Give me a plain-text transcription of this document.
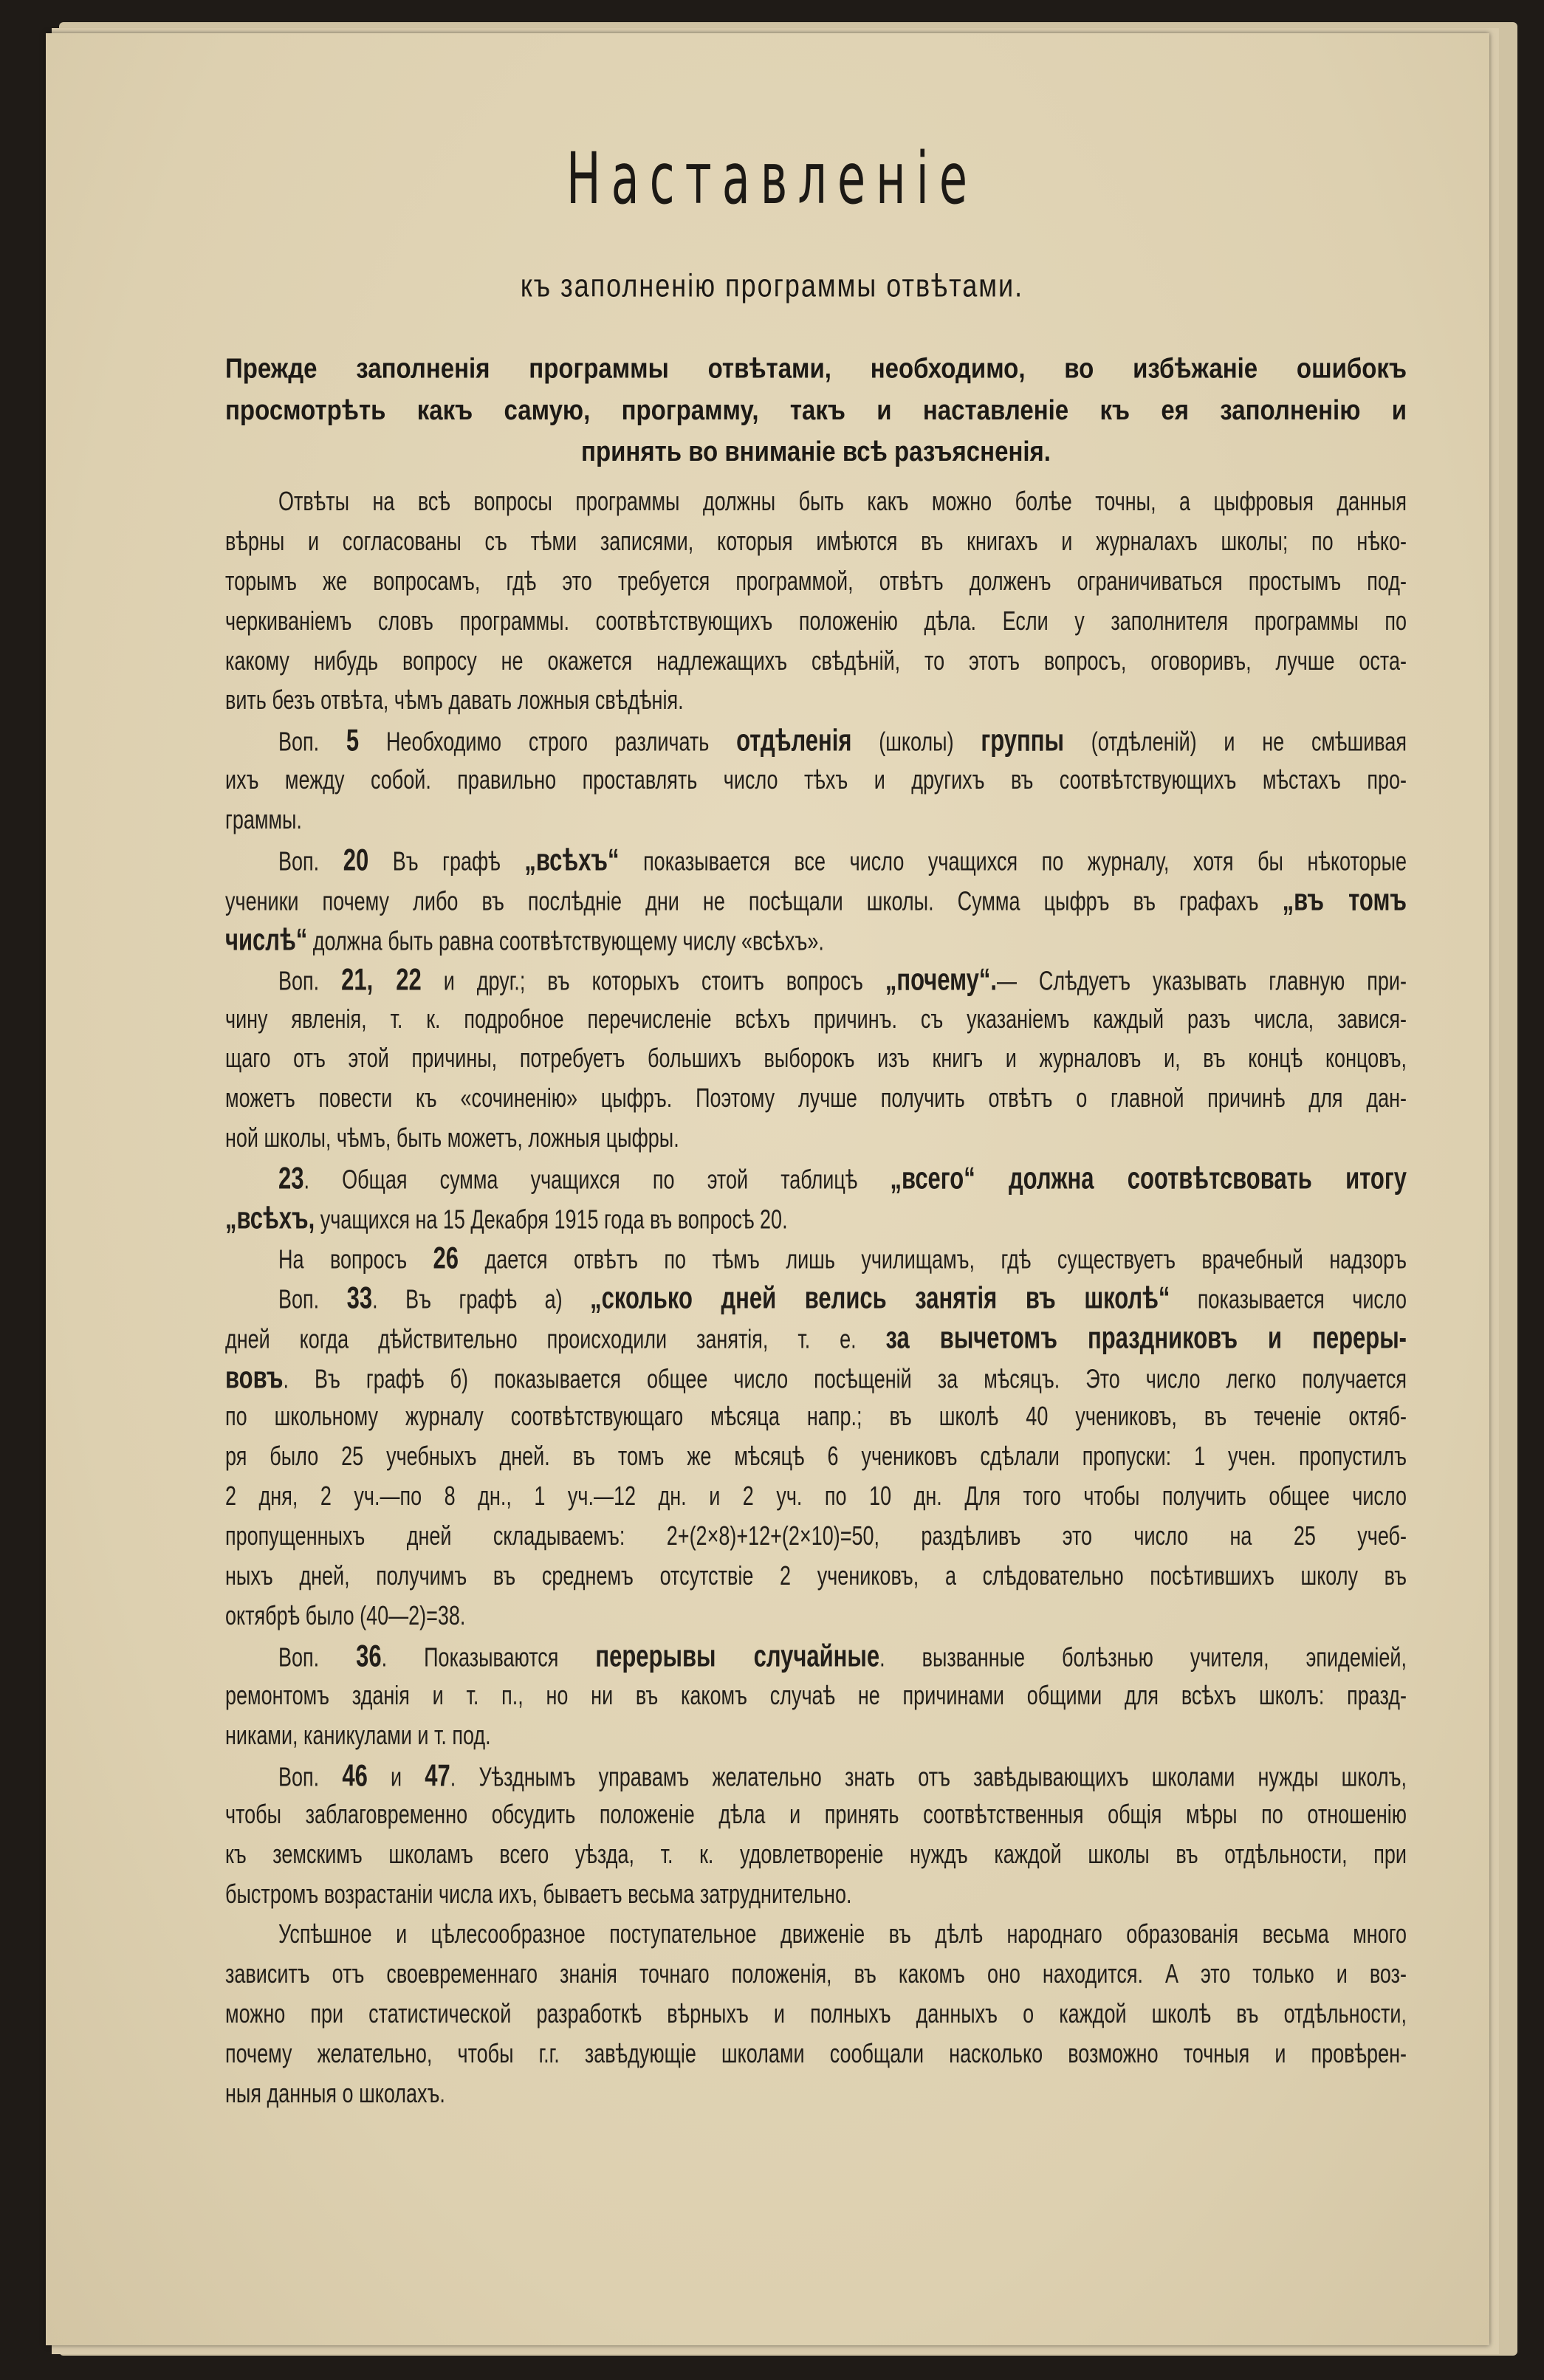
Наставленіе
къ заполненію программы отвѣтами.
Прежде заполненія программы отвѣтами, необходимо, во избѣжаніе ошибокъ
просмотрѣть какъ самую, программу, такъ и наставленіе къ ея заполненію и
принять во вниманіе всѣ разъясненія.
Отвѣты на всѣ вопросы программы должны быть какъ можно болѣе точны, а цыфровыя данныя
вѣрны и согласованы съ тѣми записями, которыя имѣются въ книгахъ и журналахъ школы; по нѣко-
торымъ же вопросамъ, гдѣ это требуется программой, отвѣтъ долженъ ограничиваться простымъ под-
черкиваніемъ словъ программы. соотвѣтствующихъ положенію дѣла. Если у заполнителя программы по
какому нибудь вопросу не окажется надлежащихъ свѣдѣній, то этотъ вопросъ, оговоривъ, лучше оста-
вить безъ отвѣта, чѣмъ давать ложныя свѣдѣнія.
Воп. 5 Необходимо строго различать отдѣленія (школы) группы (отдѣленій) и не смѣшивая
ихъ между собой. правильно проставлять число тѣхъ и другихъ въ соотвѣтствующихъ мѣстахъ про-
граммы.
Воп. 20 Въ графѣ „всѣхъ“ показывается все число учащихся по журналу, хотя бы нѣкоторые
ученики почему либо въ послѣдніе дни не посѣщали школы. Сумма цыфръ въ графахъ „въ томъ
числѣ“ должна быть равна соотвѣтствующему числу «всѣхъ».
Воп. 21, 22 и друг.; въ которыхъ стоитъ вопросъ „почему“.— Слѣдуетъ указывать главную при-
чину явленія, т. к. подробное перечисленіе всѣхъ причинъ. съ указаніемъ каждый разъ числа, завися-
щаго отъ этой причины, потребуетъ большихъ выборокъ изъ книгъ и журналовъ и, въ концѣ концовъ,
можетъ повести къ «сочиненію» цыфръ. Поэтому лучше получить отвѣтъ о главной причинѣ для дан-
ной школы, чѣмъ, быть можетъ, ложныя цыфры.
23. Общая сумма учащихся по этой таблицѣ „всего“ должна соотвѣтсвовать итогу
„всѣхъ, учащихся на 15 Декабря 1915 года въ вопросѣ 20.
На вопросъ 26 дается отвѣтъ по тѣмъ лишь училищамъ, гдѣ существуетъ врачебный надзоръ
Воп. 33. Въ графѣ а) „сколько дней велись занятія въ школѣ“ показывается число
дней когда дѣйствительно происходили занятія, т. е. за вычетомъ праздниковъ и переры-
вовъ. Въ графѣ б) показывается общее число посѣщеній за мѣсяцъ. Это число легко получается
по школьному журналу соотвѣтствующаго мѣсяца напр.; въ школѣ 40 учениковъ, въ теченіе октяб-
ря было 25 учебныхъ дней. въ томъ же мѣсяцѣ 6 учениковъ сдѣлали пропуски: 1 учен. пропустилъ
2 дня, 2 уч.—по 8 дн., 1 уч.—12 дн. и 2 уч. по 10 дн. Для того чтобы получить общее число
пропущенныхъ дней складываемъ: 2+(2×8)+12+(2×10)=50, раздѣливъ это число на 25 учеб-
ныхъ дней, получимъ въ среднемъ отсутствіе 2 учениковъ, а слѣдовательно посѣтившихъ школу въ
октябрѣ было (40—2)=38.
Воп. 36. Показываются перерывы случайные. вызванные болѣзнью учителя, эпидеміей,
ремонтомъ зданія и т. п., но ни въ какомъ случаѣ не причинами общими для всѣхъ школъ: празд-
никами, каникулами и т. под.
Воп. 46 и 47. Уѣзднымъ управамъ желательно знать отъ завѣдывающихъ школами нужды школъ,
чтобы заблаговременно обсудить положеніе дѣла и принять соотвѣтственныя общія мѣры по отношенію
къ земскимъ школамъ всего уѣзда, т. к. удовлетвореніе нуждъ каждой школы въ отдѣльности, при
быстромъ возрастаніи числа ихъ, бываетъ весьма затруднительно.
Успѣшное и цѣлесообразное поступательное движеніе въ дѣлѣ народнаго образованія весьма много
зависитъ отъ своевременнаго знанія точнаго положенія, въ какомъ оно находится. А это только и воз-
можно при статистической разработкѣ вѣрныхъ и полныхъ данныхъ о каждой школѣ въ отдѣльности,
почему желательно, чтобы г.г. завѣдующіе школами сообщали насколько возможно точныя и провѣрен-
ныя данныя о школахъ.
